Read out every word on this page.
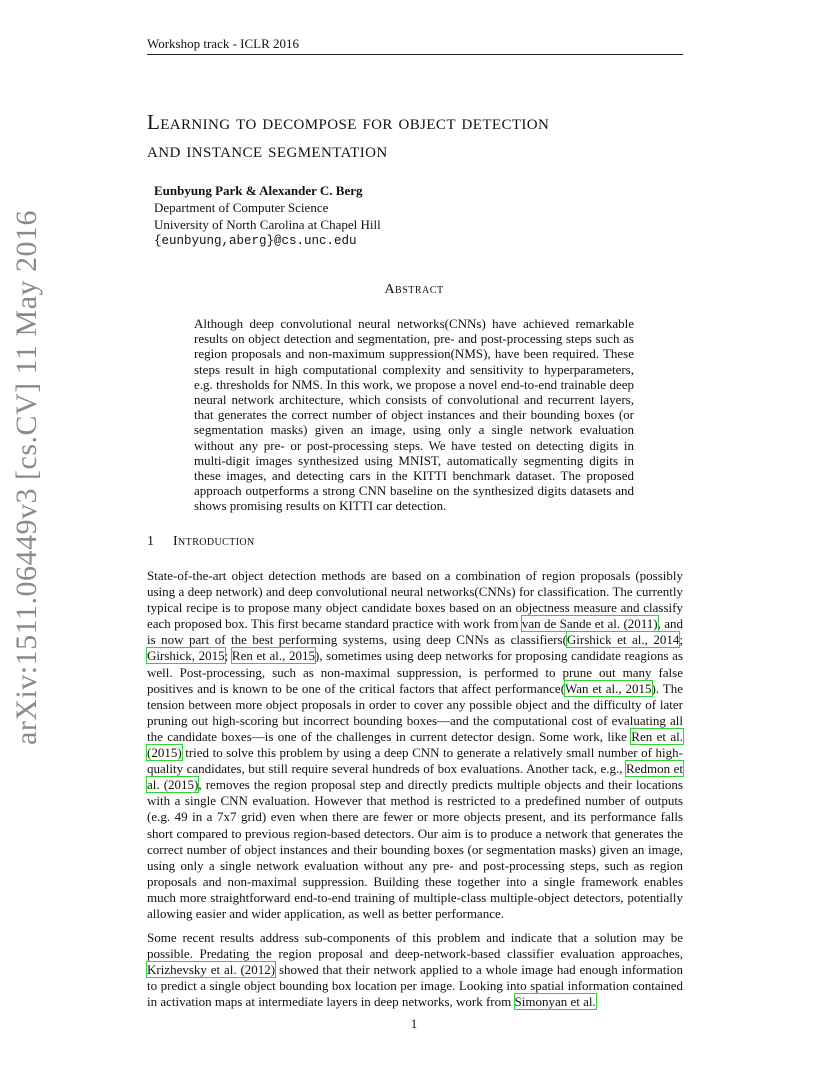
Workshop track - ICLR 2016
Learning to decompose for object detection
and instance segmentation
Eunbyung Park & Alexander C. Berg
Department of Computer Science
University of North Carolina at Chapel Hill
{eunbyung,aberg}@cs.unc.edu
Abstract
Although deep convolutional neural networks(CNNs) have achieved remarkable results on object detection and segmentation, pre- and post-processing steps such as region proposals and non-maximum suppression(NMS), have been required. These steps result in high computational complexity and sensitivity to hyperparameters, e.g. thresholds for NMS. In this work, we propose a novel end-to-end trainable deep neural network architecture, which consists of convolutional and recurrent layers, that generates the correct number of object instances and their bounding boxes (or segmentation masks) given an image, using only a single network evaluation without any pre- or post-processing steps. We have tested on detecting digits in multi-digit images synthesized using MNIST, automatically segmenting digits in these images, and detecting cars in the KITTI benchmark dataset. The proposed approach outperforms a strong CNN baseline on the synthesized digits datasets and shows promising results on KITTI car detection.
1 Introduction

State-of-the-art object detection methods are based on a combination of region proposals (possibly using a deep network) and deep convolutional neural networks(CNNs) for classification. The currently typical recipe is to propose many object candidate boxes based on an objectness measure and classify each proposed box. This first became standard practice with work from van de Sande et al. (2011), and is now part of the best performing systems, using deep CNNs as classifiers(Girshick et al., 2014; Girshick, 2015; Ren et al., 2015), sometimes using deep networks for proposing candidate reagions as well. Post-processing, such as non-maximal suppression, is performed to prune out many false positives and is known to be one of the critical factors that affect performance(Wan et al., 2015). The tension between more object proposals in order to cover any possible object and the difficulty of later pruning out high-scoring but incorrect bounding boxes—and the computational cost of evaluating all the candidate boxes—is one of the challenges in current detector design. Some work, like Ren et al. (2015) tried to solve this problem by using a deep CNN to generate a relatively small number of high-quality candidates, but still require several hundreds of box evaluations. Another tack, e.g., Redmon et al. (2015), removes the region proposal step and directly predicts multiple objects and their locations with a single CNN evaluation. However that method is restricted to a predefined number of outputs (e.g. 49 in a 7x7 grid) even when there are fewer or more objects present, and its performance falls short compared to previous region-based detectors. Our aim is to produce a network that generates the correct number of object instances and their bounding boxes (or segmentation masks) given an image, using only a single network evaluation without any pre- and post-processing steps, such as region proposals and non-maximal suppression. Building these together into a single framework enables much more straightforward end-to-end training of multiple-class multiple-object detectors, potentially allowing easier and wider application, as well as better performance.

Some recent results address sub-components of this problem and indicate that a solution may be possible. Predating the region proposal and deep-network-based classifier evaluation approaches, Krizhevsky et al. (2012) showed that their network applied to a whole image had enough information to predict a single object bounding box location per image. Looking into spatial information contained in activation maps at intermediate layers in deep networks, work from Simonyan et al.

arXiv:1511.06449v3 [cs.CV] 11 May 2016
1
